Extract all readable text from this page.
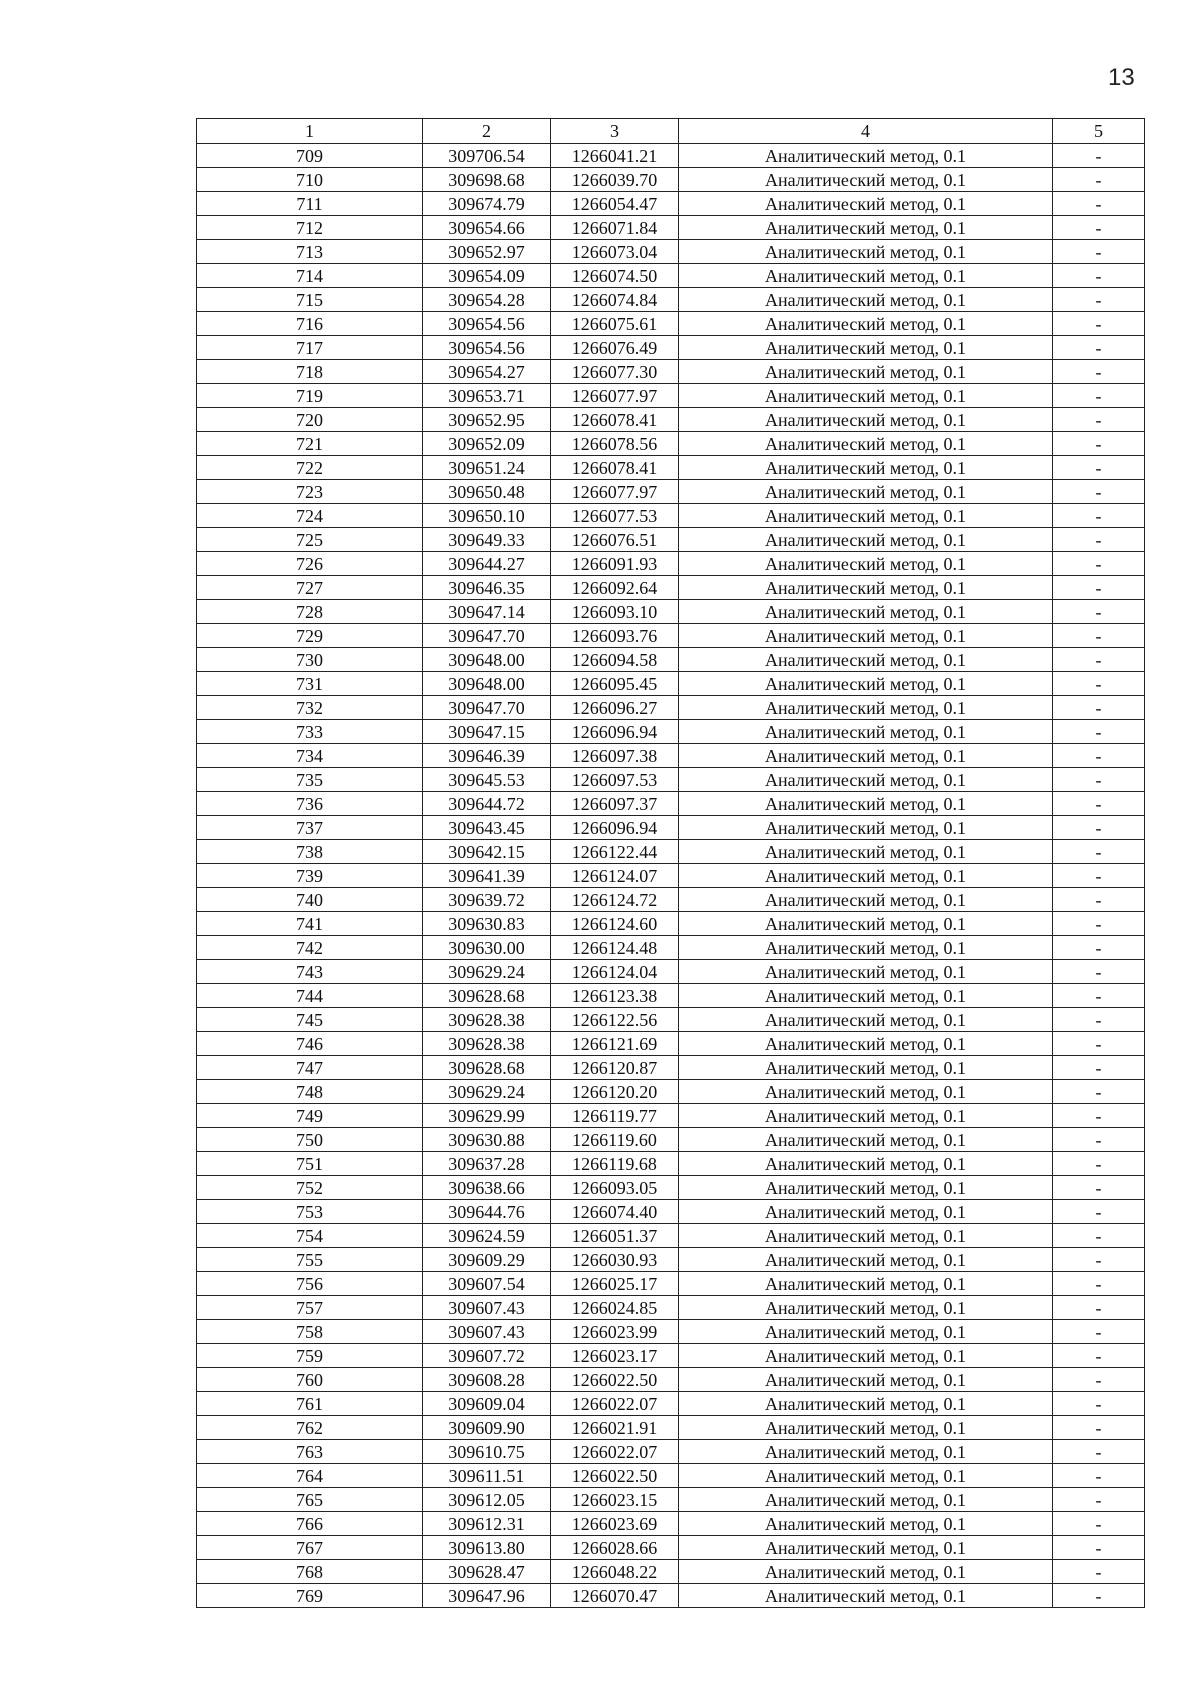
13
1	2	3	4	5
709	309706.54	1266041.21	Аналитический метод, 0.1	-
710	309698.68	1266039.70	Аналитический метод, 0.1	-
711	309674.79	1266054.47	Аналитический метод, 0.1	-
712	309654.66	1266071.84	Аналитический метод, 0.1	-
713	309652.97	1266073.04	Аналитический метод, 0.1	-
714	309654.09	1266074.50	Аналитический метод, 0.1	-
715	309654.28	1266074.84	Аналитический метод, 0.1	-
716	309654.56	1266075.61	Аналитический метод, 0.1	-
717	309654.56	1266076.49	Аналитический метод, 0.1	-
718	309654.27	1266077.30	Аналитический метод, 0.1	-
719	309653.71	1266077.97	Аналитический метод, 0.1	-
720	309652.95	1266078.41	Аналитический метод, 0.1	-
721	309652.09	1266078.56	Аналитический метод, 0.1	-
722	309651.24	1266078.41	Аналитический метод, 0.1	-
723	309650.48	1266077.97	Аналитический метод, 0.1	-
724	309650.10	1266077.53	Аналитический метод, 0.1	-
725	309649.33	1266076.51	Аналитический метод, 0.1	-
726	309644.27	1266091.93	Аналитический метод, 0.1	-
727	309646.35	1266092.64	Аналитический метод, 0.1	-
728	309647.14	1266093.10	Аналитический метод, 0.1	-
729	309647.70	1266093.76	Аналитический метод, 0.1	-
730	309648.00	1266094.58	Аналитический метод, 0.1	-
731	309648.00	1266095.45	Аналитический метод, 0.1	-
732	309647.70	1266096.27	Аналитический метод, 0.1	-
733	309647.15	1266096.94	Аналитический метод, 0.1	-
734	309646.39	1266097.38	Аналитический метод, 0.1	-
735	309645.53	1266097.53	Аналитический метод, 0.1	-
736	309644.72	1266097.37	Аналитический метод, 0.1	-
737	309643.45	1266096.94	Аналитический метод, 0.1	-
738	309642.15	1266122.44	Аналитический метод, 0.1	-
739	309641.39	1266124.07	Аналитический метод, 0.1	-
740	309639.72	1266124.72	Аналитический метод, 0.1	-
741	309630.83	1266124.60	Аналитический метод, 0.1	-
742	309630.00	1266124.48	Аналитический метод, 0.1	-
743	309629.24	1266124.04	Аналитический метод, 0.1	-
744	309628.68	1266123.38	Аналитический метод, 0.1	-
745	309628.38	1266122.56	Аналитический метод, 0.1	-
746	309628.38	1266121.69	Аналитический метод, 0.1	-
747	309628.68	1266120.87	Аналитический метод, 0.1	-
748	309629.24	1266120.20	Аналитический метод, 0.1	-
749	309629.99	1266119.77	Аналитический метод, 0.1	-
750	309630.88	1266119.60	Аналитический метод, 0.1	-
751	309637.28	1266119.68	Аналитический метод, 0.1	-
752	309638.66	1266093.05	Аналитический метод, 0.1	-
753	309644.76	1266074.40	Аналитический метод, 0.1	-
754	309624.59	1266051.37	Аналитический метод, 0.1	-
755	309609.29	1266030.93	Аналитический метод, 0.1	-
756	309607.54	1266025.17	Аналитический метод, 0.1	-
757	309607.43	1266024.85	Аналитический метод, 0.1	-
758	309607.43	1266023.99	Аналитический метод, 0.1	-
759	309607.72	1266023.17	Аналитический метод, 0.1	-
760	309608.28	1266022.50	Аналитический метод, 0.1	-
761	309609.04	1266022.07	Аналитический метод, 0.1	-
762	309609.90	1266021.91	Аналитический метод, 0.1	-
763	309610.75	1266022.07	Аналитический метод, 0.1	-
764	309611.51	1266022.50	Аналитический метод, 0.1	-
765	309612.05	1266023.15	Аналитический метод, 0.1	-
766	309612.31	1266023.69	Аналитический метод, 0.1	-
767	309613.80	1266028.66	Аналитический метод, 0.1	-
768	309628.47	1266048.22	Аналитический метод, 0.1	-
769	309647.96	1266070.47	Аналитический метод, 0.1	-
